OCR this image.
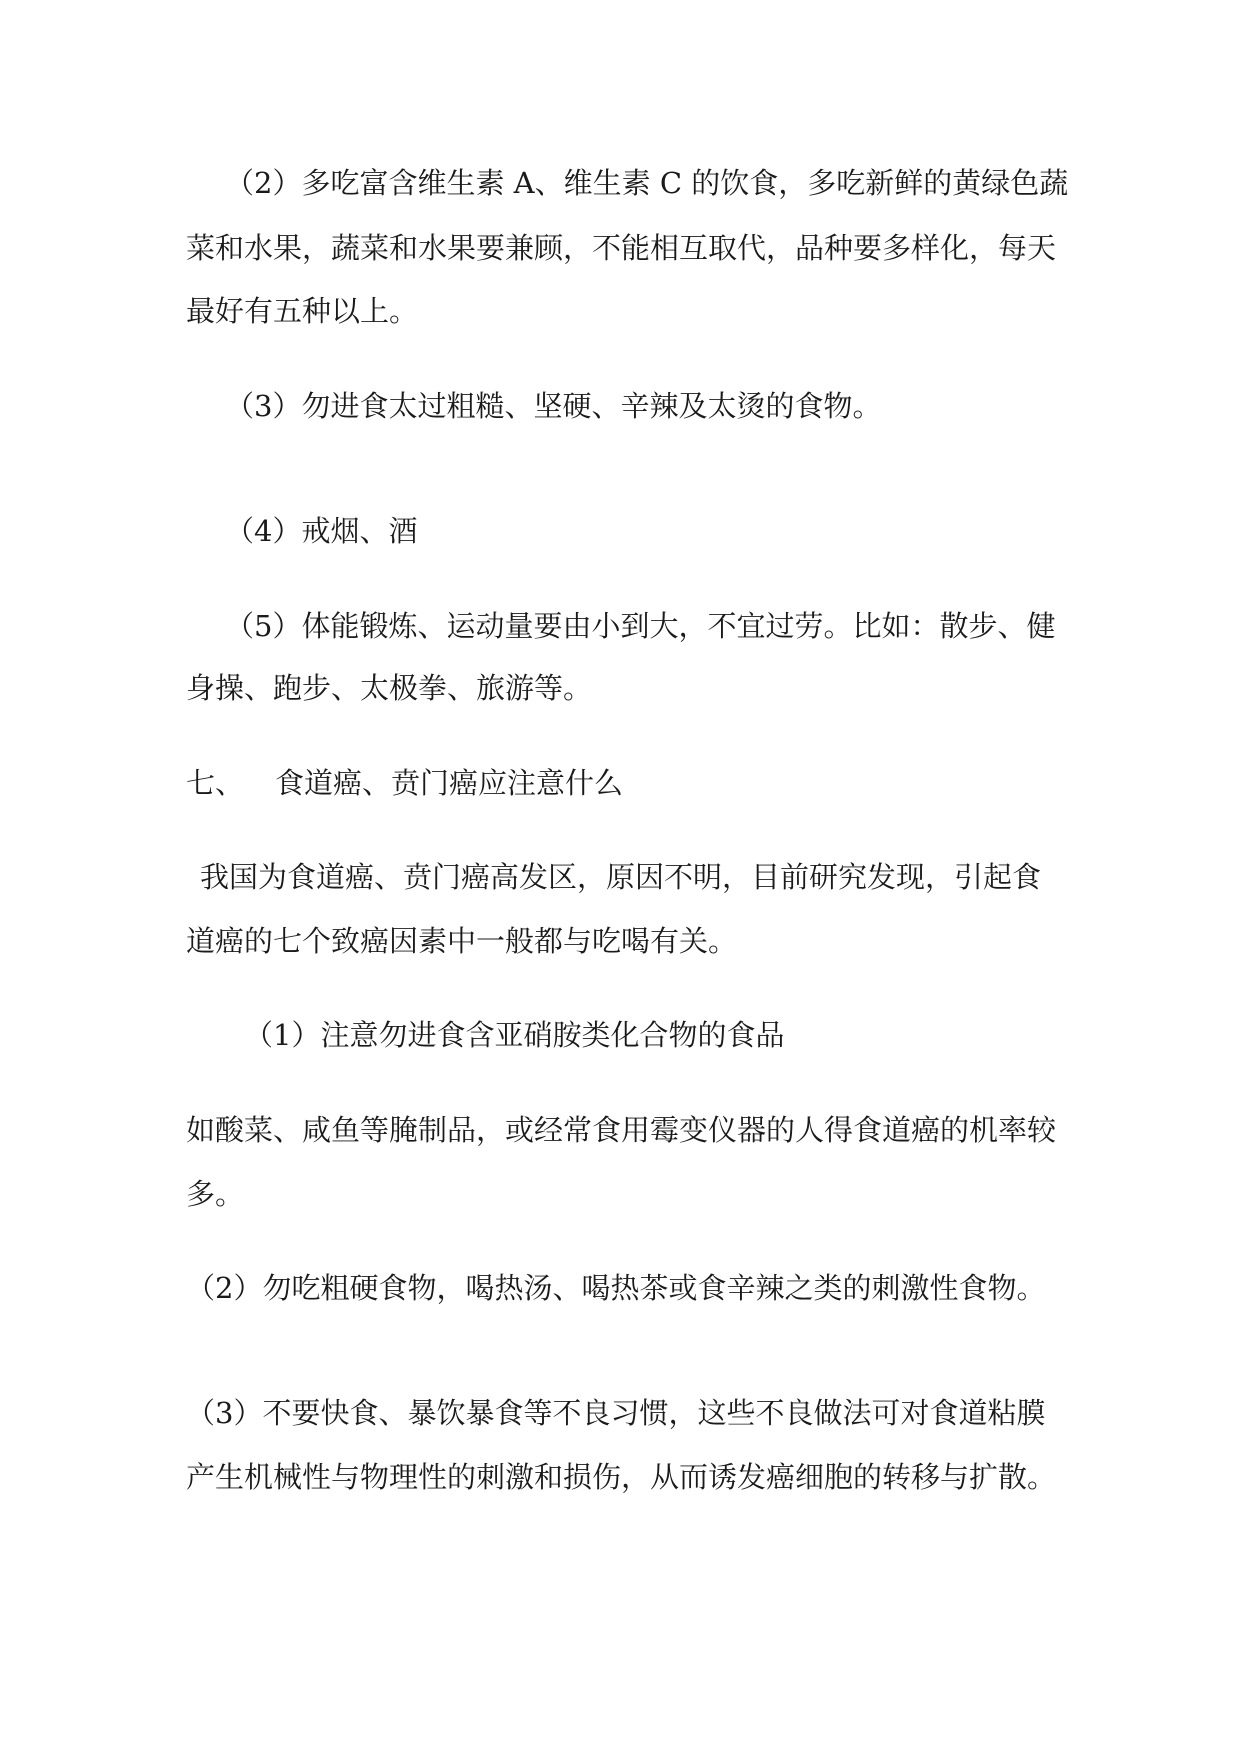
（2）多吃富含维生素 A、维生素 C 的饮食，多吃新鲜的黄绿色蔬
菜和水果，蔬菜和水果要兼顾，不能相互取代，品种要多样化，每天
最好有五种以上。
（3）勿进食太过粗糙、坚硬、辛辣及太烫的食物。
（4）戒烟、酒
（5）体能锻炼、运动量要由小到大，不宜过劳。比如：散步、健
身操、跑步、太极拳、旅游等。
七、 食道癌、贲门癌应注意什么
我国为食道癌、贲门癌高发区，原因不明，目前研究发现，引起食
道癌的七个致癌因素中一般都与吃喝有关。
（1）注意勿进食含亚硝胺类化合物的食品
如酸菜、咸鱼等腌制品，或经常食用霉变仪器的人得食道癌的机率较
多。
（2）勿吃粗硬食物，喝热汤、喝热茶或食辛辣之类的刺激性食物。
（3）不要快食、暴饮暴食等不良习惯，这些不良做法可对食道粘膜
产生机械性与物理性的刺激和损伤，从而诱发癌细胞的转移与扩散。
